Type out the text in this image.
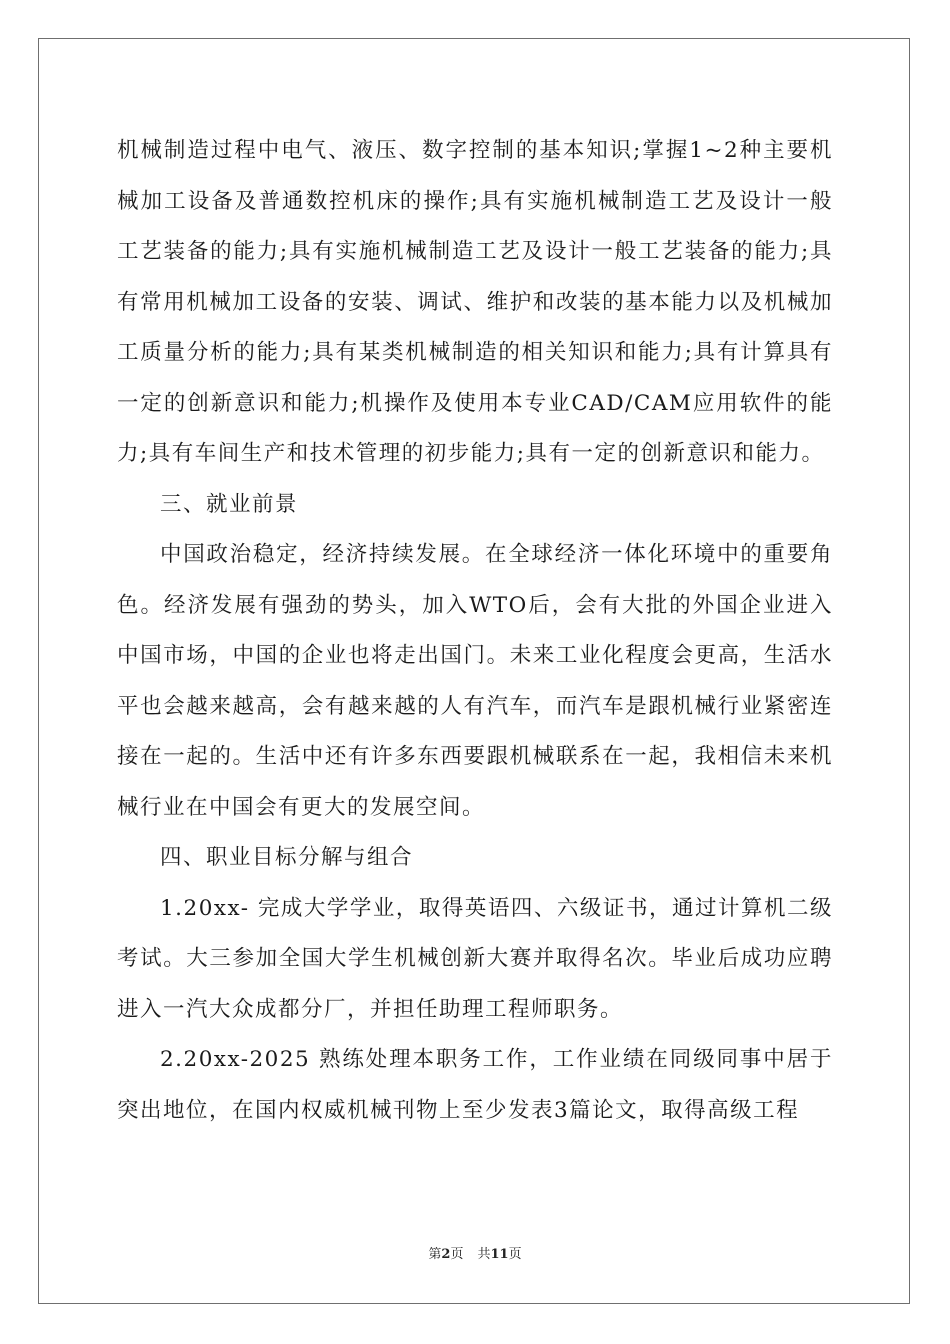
机械制造过程中电气、液压、数字控制的基本知识;掌握1~2种主要机械加工设备及普通数控机床的操作;具有实施机械制造工艺及设计一般工艺装备的能力;具有实施机械制造工艺及设计一般工艺装备的能力;具有常用机械加工设备的安装、调试、维护和改装的基本能力以及机械加工质量分析的能力;具有某类机械制造的相关知识和能力;具有计算具有一定的创新意识和能力;机操作及使用本专业CAD/CAM应用软件的能力;具有车间生产和技术管理的初步能力;具有一定的创新意识和能力。

三、就业前景

中国政治稳定，经济持续发展。在全球经济一体化环境中的重要角色。经济发展有强劲的势头，加入WTO后，会有大批的外国企业进入中国市场，中国的企业也将走出国门。未来工业化程度会更高，生活水平也会越来越高，会有越来越的人有汽车，而汽车是跟机械行业紧密连接在一起的。生活中还有许多东西要跟机械联系在一起，我相信未来机械行业在中国会有更大的发展空间。

四、职业目标分解与组合

1.20xx- 完成大学学业，取得英语四、六级证书，通过计算机二级考试。大三参加全国大学生机械创新大赛并取得名次。毕业后成功应聘进入一汽大众成都分厂，并担任助理工程师职务。

2.20xx-2025 熟练处理本职务工作，工作业绩在同级同事中居于突出地位，在国内权威机械刊物上至少发表3篇论文，取得高级工程

第2页 共11页
